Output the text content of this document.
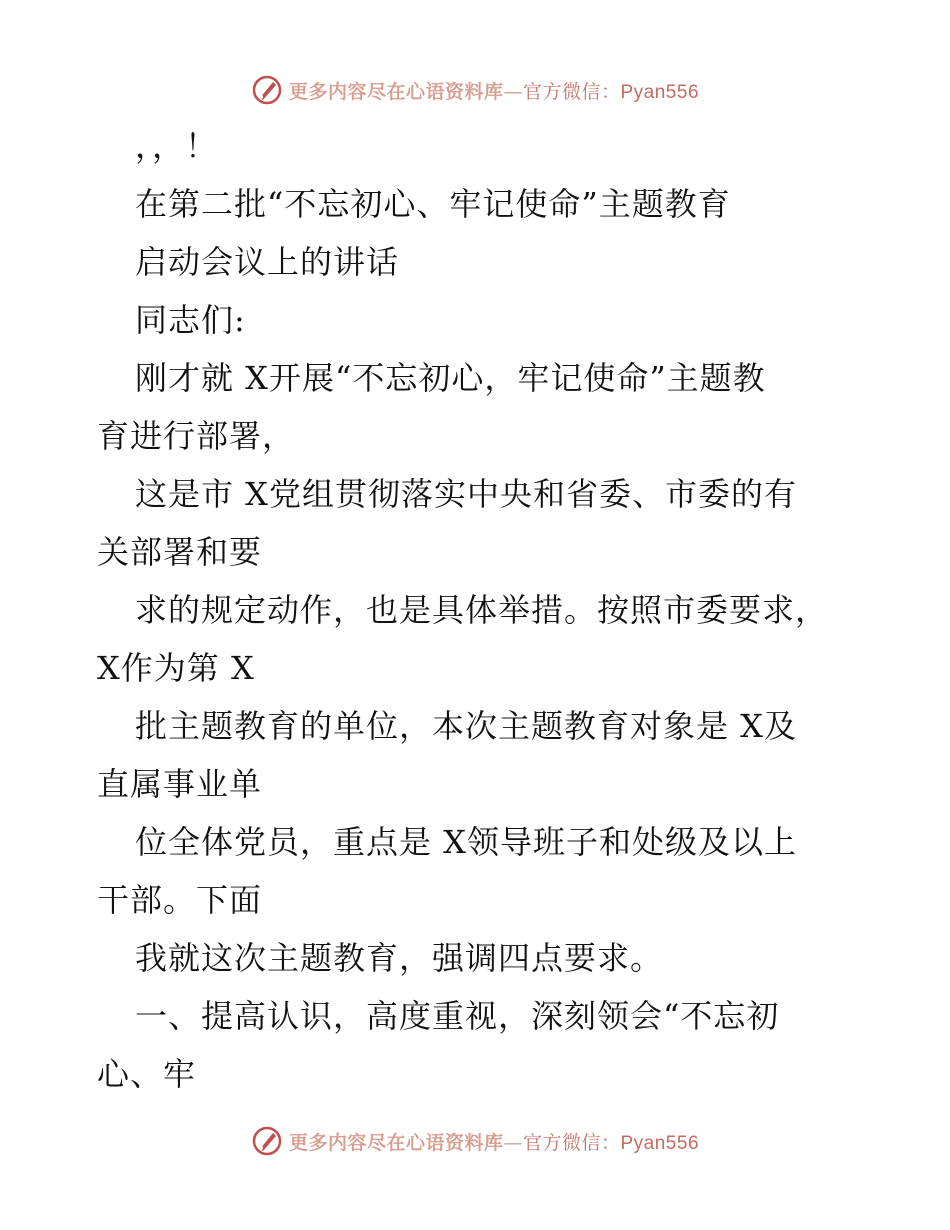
更多内容尽在心语资料库—官方微信：Pyan556
，，！
在第二批“不忘初心、牢记使命”主题教育
启动会议上的讲话
同志们:
刚才就 X开展“不忘初心，牢记使命”主题教
育进行部署，
这是市 X党组贯彻落实中央和省委、市委的有
关部署和要
求的规定动作，也是具体举措。按照市委要求，
X作为第 X
批主题教育的单位，本次主题教育对象是 X及
直属事业单
位全体党员，重点是 X领导班子和处级及以上
干部。下面
我就这次主题教育，强调四点要求。
一、提高认识，高度重视，深刻领会“不忘初
心、牢
更多内容尽在心语资料库—官方微信：Pyan556
